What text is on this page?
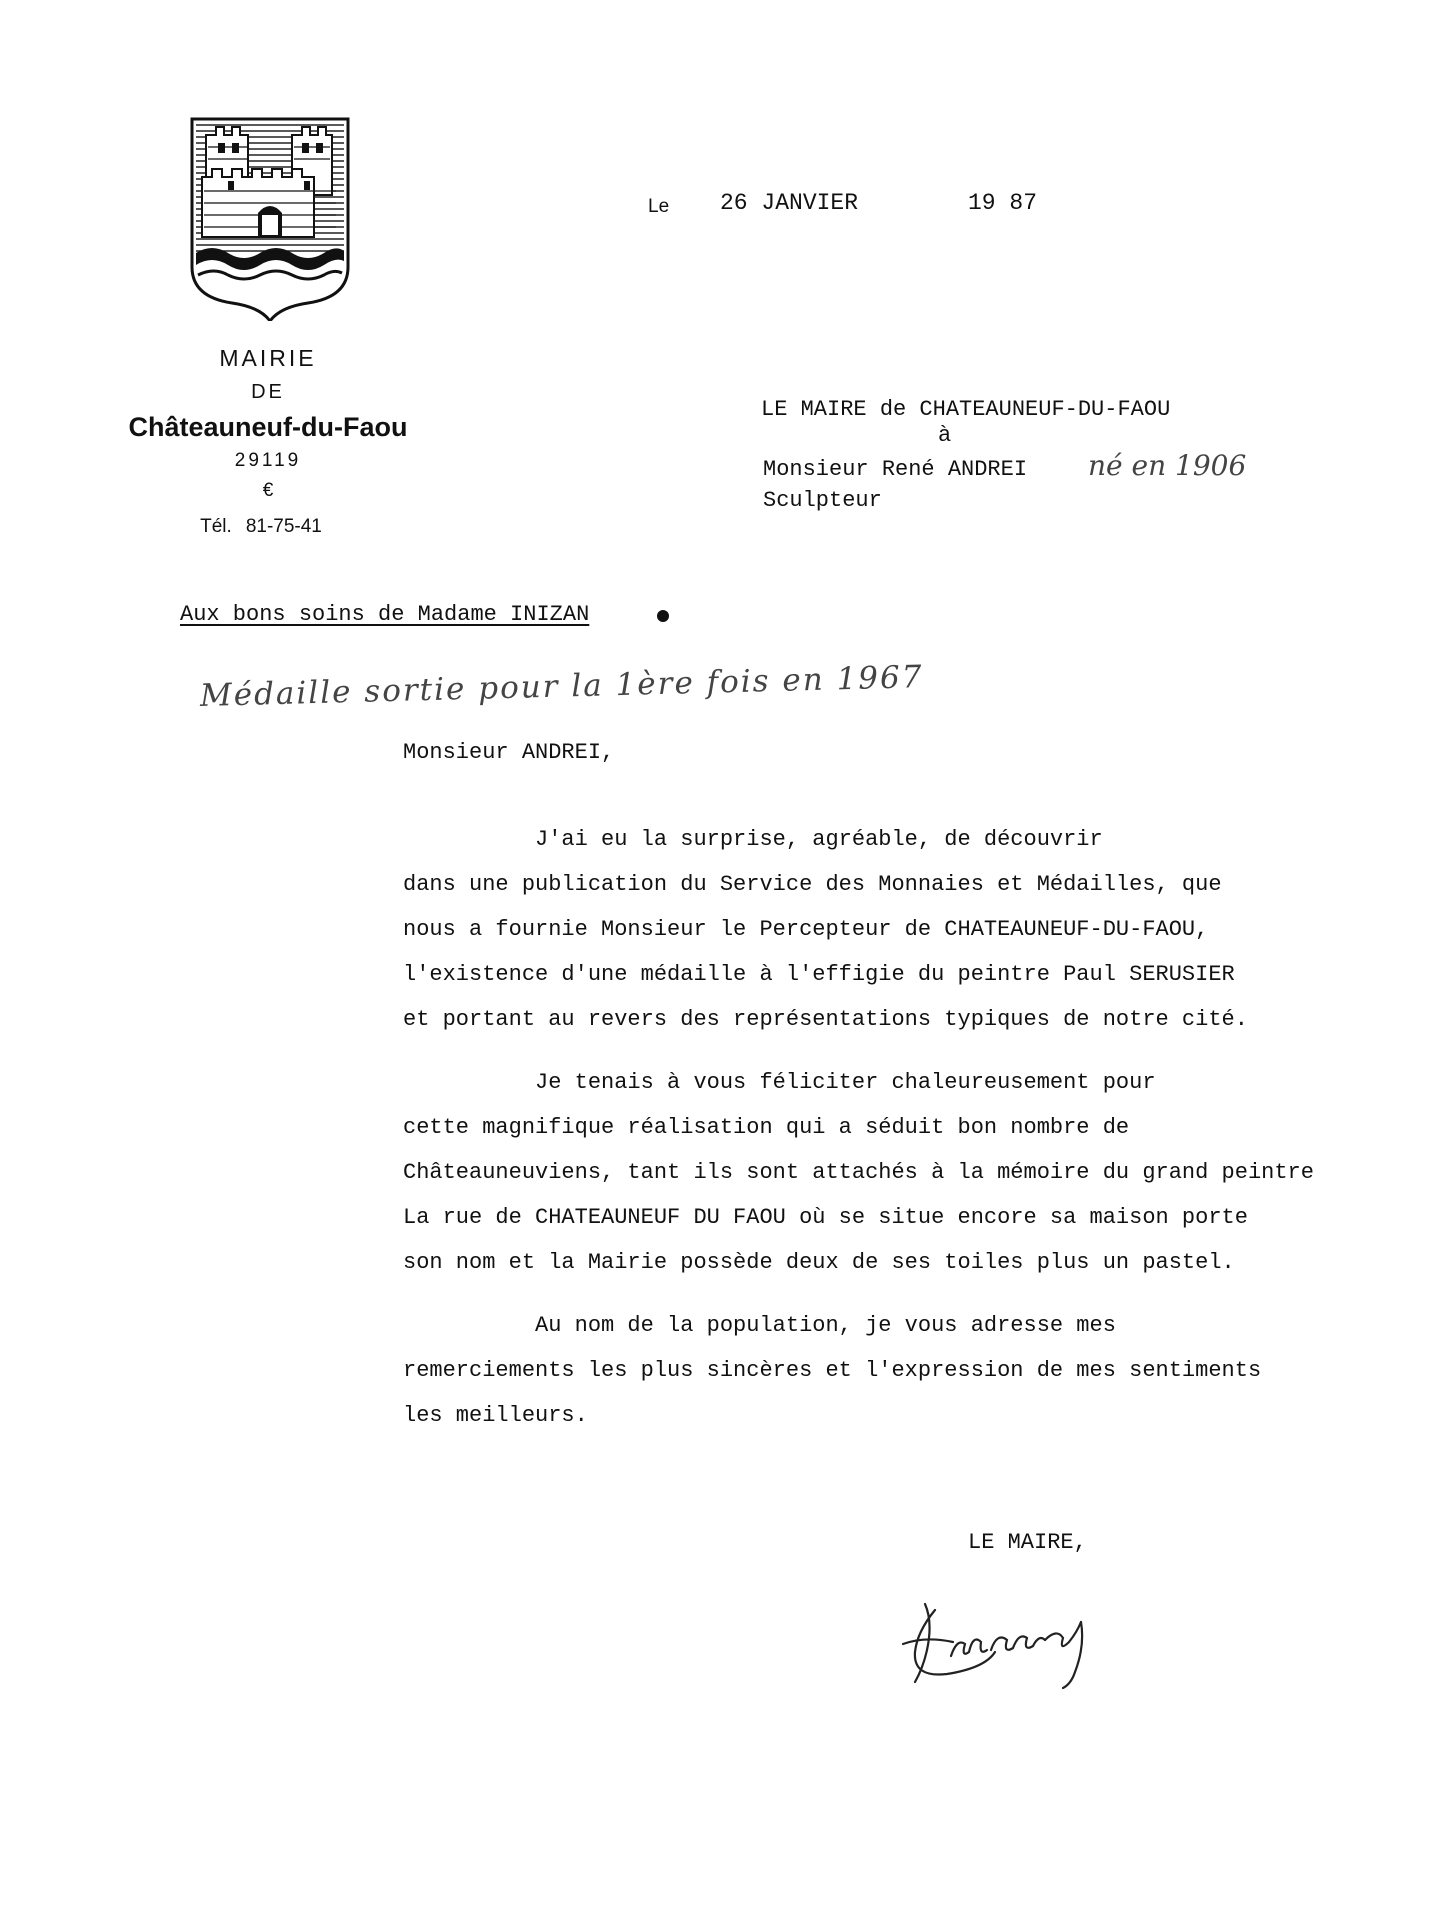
MAIRIE
DE
Châteauneuf-du-Faou
29119
€
Tél. 81-75-41
Le 26 JANVIER	19 87
LE MAIRE de CHATEAUNEUF-DU-FAOU
à
Monsieur René ANDREI
Sculpteur
né en 1906
Aux bons soins de Madame INIZAN
Médaille sortie pour la 1ère fois en 1967
Monsieur ANDREI,
J'ai eu la surprise, agréable, de découvrir
dans une publication du Service des Monnaies et Médailles, que
nous a fournie Monsieur le Percepteur de CHATEAUNEUF-DU-FAOU,
l'existence d'une médaille à l'effigie du peintre Paul SERUSIER
et portant au revers des représentations typiques de notre cité.
Je tenais à vous féliciter chaleureusement pour
cette magnifique réalisation qui a séduit bon nombre de
Châteauneuviens, tant ils sont attachés à la mémoire du grand peintre
La rue de CHATEAUNEUF DU FAOU où se situe encore sa maison porte
son nom et la Mairie possède deux de ses toiles plus un pastel.
Au nom de la population, je vous adresse mes
remerciements les plus sincères et l'expression de mes sentiments
les meilleurs.
LE MAIRE,
